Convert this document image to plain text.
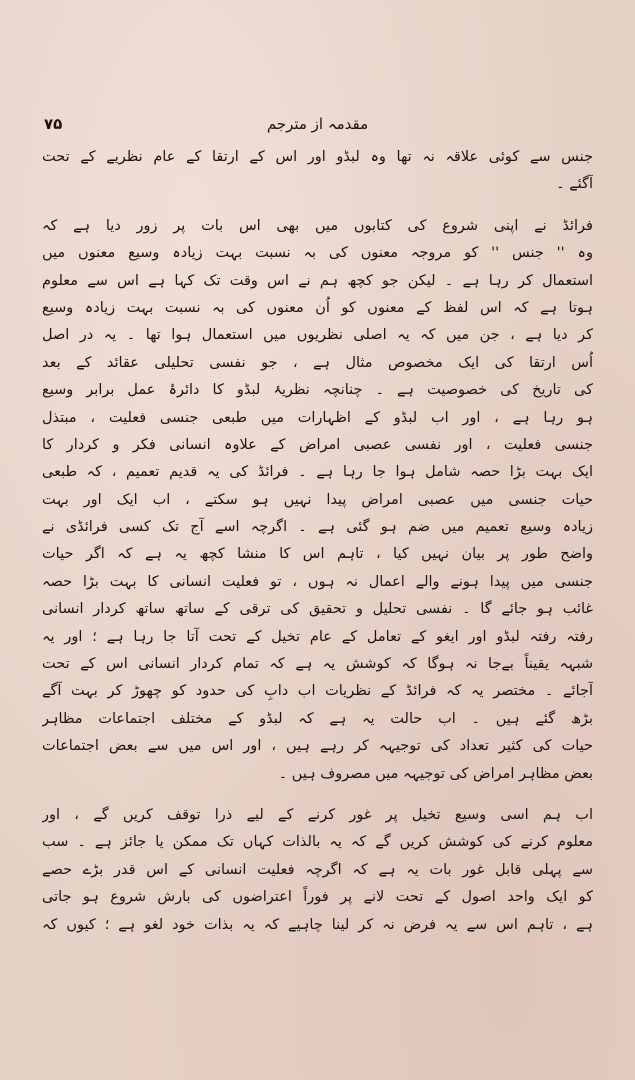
مقدمہ از مترجم
۷۵

جنس سے کوئی علاقہ نہ تھا وہ لبڈو اور اس کے ارتقا کے عام نظریے کے تحت
آگئے ۔

فرائڈ نے اپنی شروع کی کتابوں میں بھی اس بات پر زور دیا ہے کہ
وہ '' جنس '' کو مروجہ معنوں کی بہ نسبت بہت زیادہ وسیع معنوں میں
استعمال کر رہا ہے ۔ لیکن جو کچھ ہم نے اس وقت تک کہا ہے اس سے معلوم
ہوتا ہے کہ اس لفظ کے معنوں کو اُن معنوں کی بہ نسبت بہت زیادہ وسیع
کر دیا ہے ، جن میں کہ یہ اصلی نظریوں میں استعمال ہوا تھا ۔ یہ در اصل
اُس ارتقا کی ایک مخصوص مثال ہے ، جو نفسی تحلیلی عقائد کے بعد
کی تاریخ کی خصوصیت ہے ۔ چنانچہ نظریۂ لبڈو کا دائرۂ عمل برابر وسیع
ہو رہا ہے ، اور اب لبڈو کے اظہارات میں طبعی جنسی فعلیت ، مبتذل
جنسی فعلیت ، اور نفسی عصبی امراض کے علاوہ انسانی فکر و کردار کا
ایک بہت بڑا حصہ شامل ہوا جا رہا ہے ۔ فرائڈ کی یہ قدیم تعمیم ، کہ طبعی
حیات جنسی میں عصبی امراض پیدا نہیں ہو سکتے ، اب ایک اور بہت
زیادہ وسیع تعمیم میں ضم ہو گئی ہے ۔ اگرچہ اسے آج تک کسی فرائڈی نے
واضح طور پر بیان نہیں کیا ، تاہم اس کا منشا کچھ یہ ہے کہ اگر حیات
جنسی میں پیدا ہونے والے اعمال نہ ہوں ، تو فعلیت انسانی کا بہت بڑا حصہ
غائب ہو جائے گا ۔ نفسی تحلیل و تحقیق کی ترقی کے ساتھ ساتھ کردار انسانی
رفتہ رفتہ لبڈو اور ایغو کے تعامل کے عام تخیل کے تحت آتا جا رہا ہے ؛ اور یہ
شبہہ یقیناً بےجا نہ ہوگا کہ کوشش یہ ہے کہ تمام کردار انسانی اس کے تحت
آجائے ۔ مختصر یہ کہ فرائڈ کے نظریات اب دابِ کی حدود کو چھوڑ کر بہت آگے
بڑھ گئے ہیں ۔ اب حالت یہ ہے کہ لبڈو کے مختلف اجتماعات مظاہر
حیات کی کثیر تعداد کی توجیہہ کر رہے ہیں ، اور اس میں سے بعض اجتماعات
بعض مظاہر امراض کی توجیہہ میں مصروف ہیں ۔

اب ہم اسی وسیع تخیل پر غور کرنے کے لیے ذرا توقف کریں گے ، اور
معلوم کرنے کی کوشش کریں گے کہ یہ بالذات کہاں تک ممکن یا جائز ہے ۔ سب
سے پہلی قابل غور بات یہ ہے کہ اگرچہ فعلیت انسانی کے اس قدر بڑے حصے
کو ایک واحد اصول کے تحت لانے پر فوراً اعتراضوں کی بارش شروع ہو جاتی
ہے ، تاہم اس سے یہ فرض نہ کر لینا چاہیے کہ یہ بذات خود لغو ہے ؛ کیوں کہ
